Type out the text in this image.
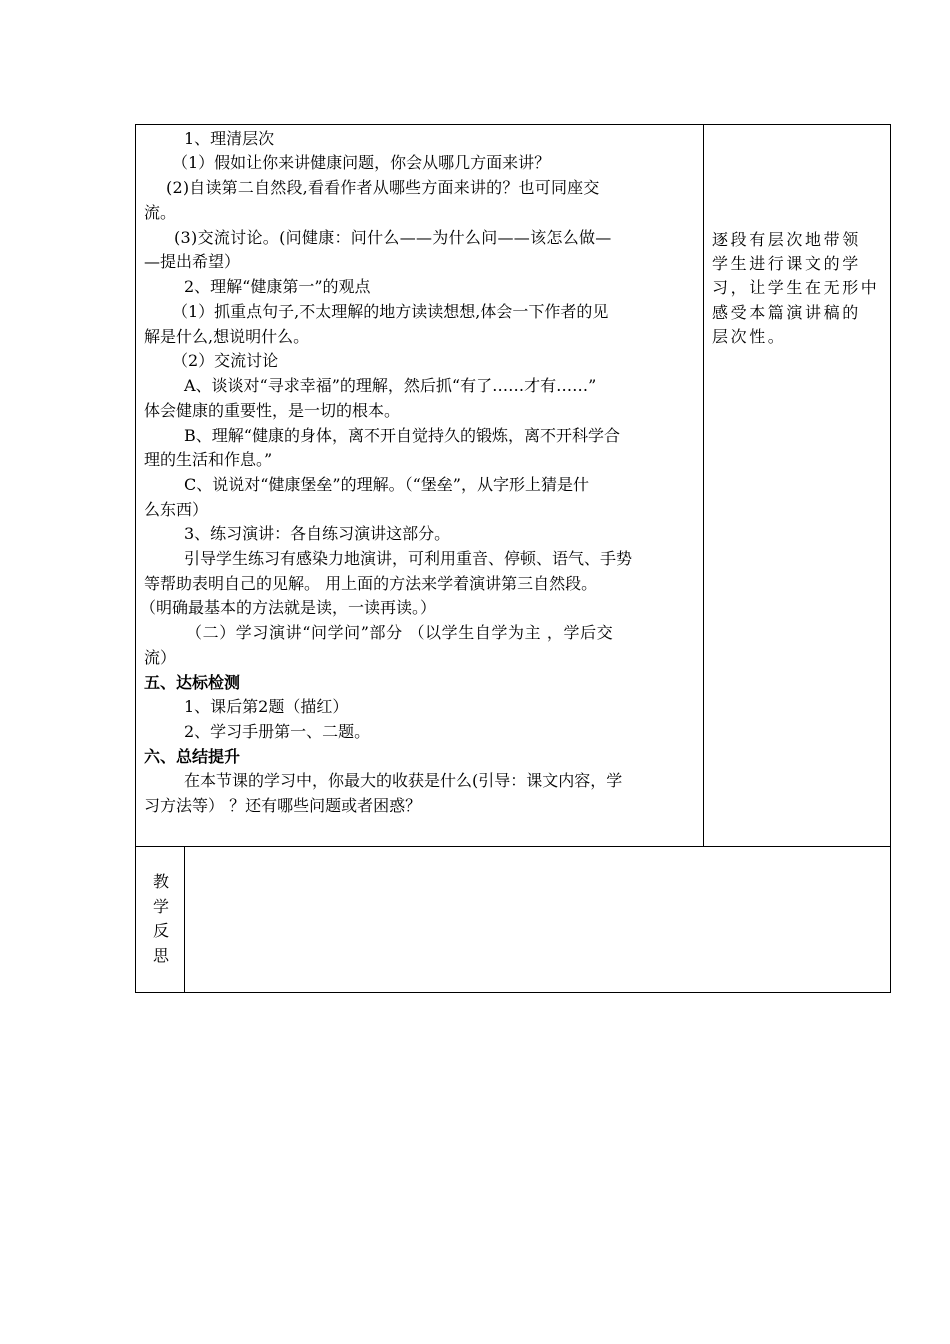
1、理清层次
（1）假如让你来讲健康问题，你会从哪几方面来讲？
(2)自读第二自然段,看看作者从哪些方面来讲的？也可同座交
流。
(3)交流讨论。(问健康：问什么——为什么问——该怎么做—
—提出希望）
2、理解“健康第一”的观点
（1）抓重点句子,不太理解的地方读读想想,体会一下作者的见
解是什么,想说明什么。
（2）交流讨论
A、谈谈对“寻求幸福”的理解，然后抓“有了……才有……”
体会健康的重要性，是一切的根本。
B、理解“健康的身体，离不开自觉持久的锻炼，离不开科学合
理的生活和作息。”
C、说说对“健康堡垒”的理解。（“堡垒”，从字形上猜是什
么东西）
3、练习演讲：各自练习演讲这部分。
引导学生练习有感染力地演讲，可利用重音、停顿、语气、手势
等帮助表明自己的见解。 用上面的方法来学着演讲第三自然段。
（明确最基本的方法就是读，一读再读。）
（二）学习演讲“问学问”部分 （以学生自学为主 ，学后交
流）
五、达标检测
1、课后第2题（描红）
2、学习手册第一、二题。
六、总结提升
在本节课的学习中，你最大的收获是什么(引导：课文内容，学
习方法等） ？还有哪些问题或者困惑？
逐段有层次地带领
学生进行课文的学
习，让学生在无形中
感受本篇演讲稿的
层次性。
教
学
反
思
